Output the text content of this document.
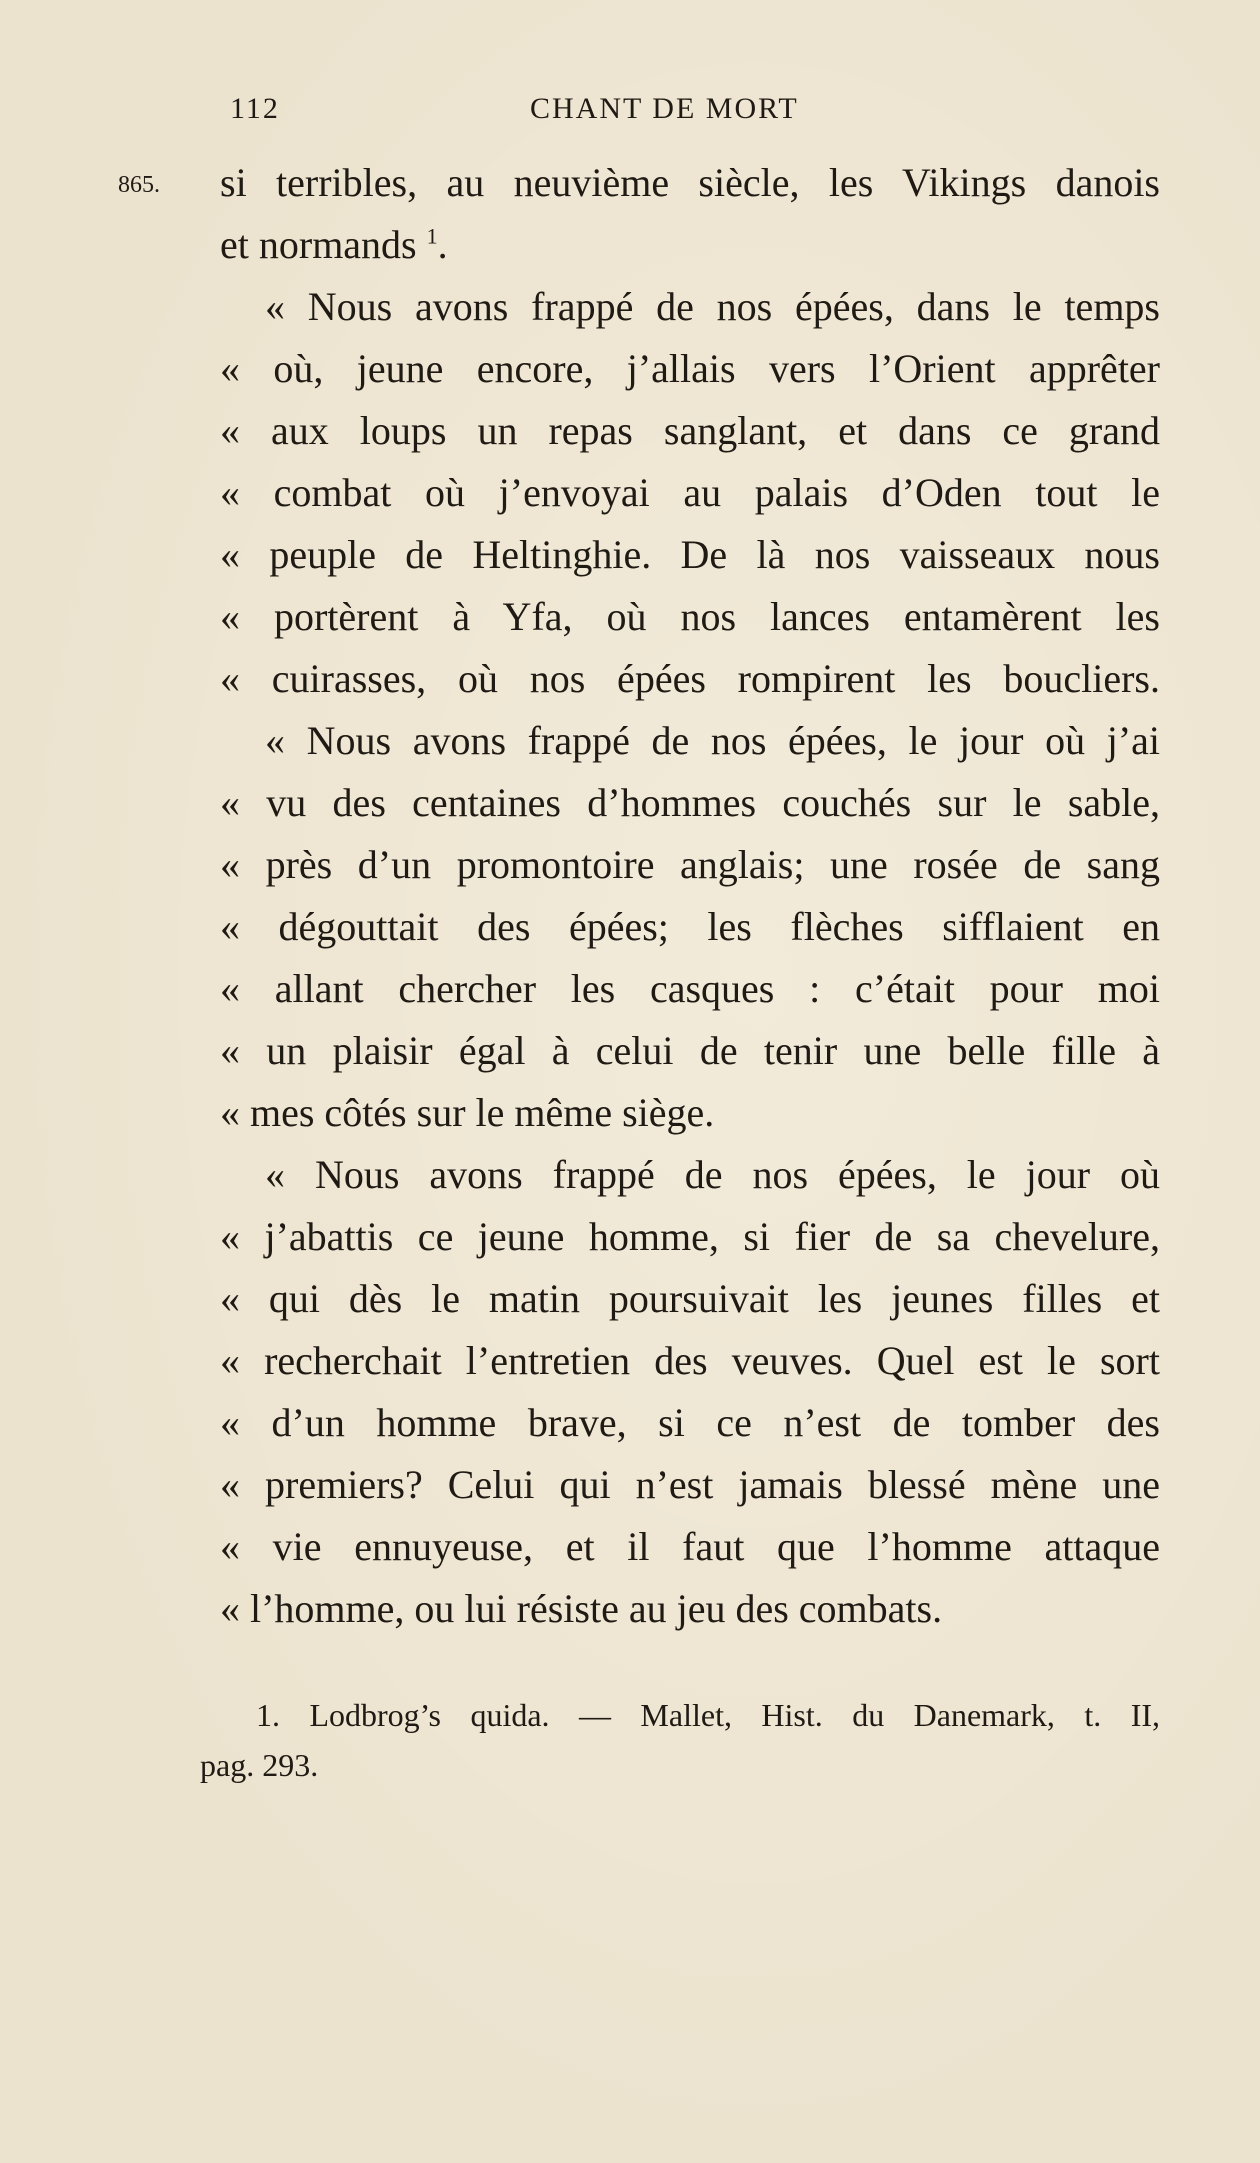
112	CHANT DE MORT
865. si terribles, au neuvième siècle, les Vikings danois
et normands $^1$.
« Nous avons frappé de nos épées, dans le temps
« où, jeune encore, j’allais vers l’Orient apprêter
« aux loups un repas sanglant, et dans ce grand
« combat où j’envoyai au palais d’Oden tout le
« peuple de Heltinghie. De là nos vaisseaux nous
« portèrent à Yfa, où nos lances entamèrent les
« cuirasses, où nos épées rompirent les boucliers.
« Nous avons frappé de nos épées, le jour où j’ai
« vu des centaines d’hommes couchés sur le sable,
« près d’un promontoire anglais; une rosée de sang
« dégouttait des épées; les flèches sifflaient en
« allant chercher les casques : c’était pour moi
« un plaisir égal à celui de tenir une belle fille à
« mes côtés sur le même siège.
« Nous avons frappé de nos épées, le jour où
« j’abattis ce jeune homme, si fier de sa chevelure,
« qui dès le matin poursuivait les jeunes filles et
« recherchait l’entretien des veuves. Quel est le sort
« d’un homme brave, si ce n’est de tomber des
« premiers? Celui qui n’est jamais blessé mène une
« vie ennuyeuse, et il faut que l’homme attaque
« l’homme, ou lui résiste au jeu des combats.
1. Lodbrog’s quida. — Mallet, Hist. du Danemark, t. II,
pag. 293.
